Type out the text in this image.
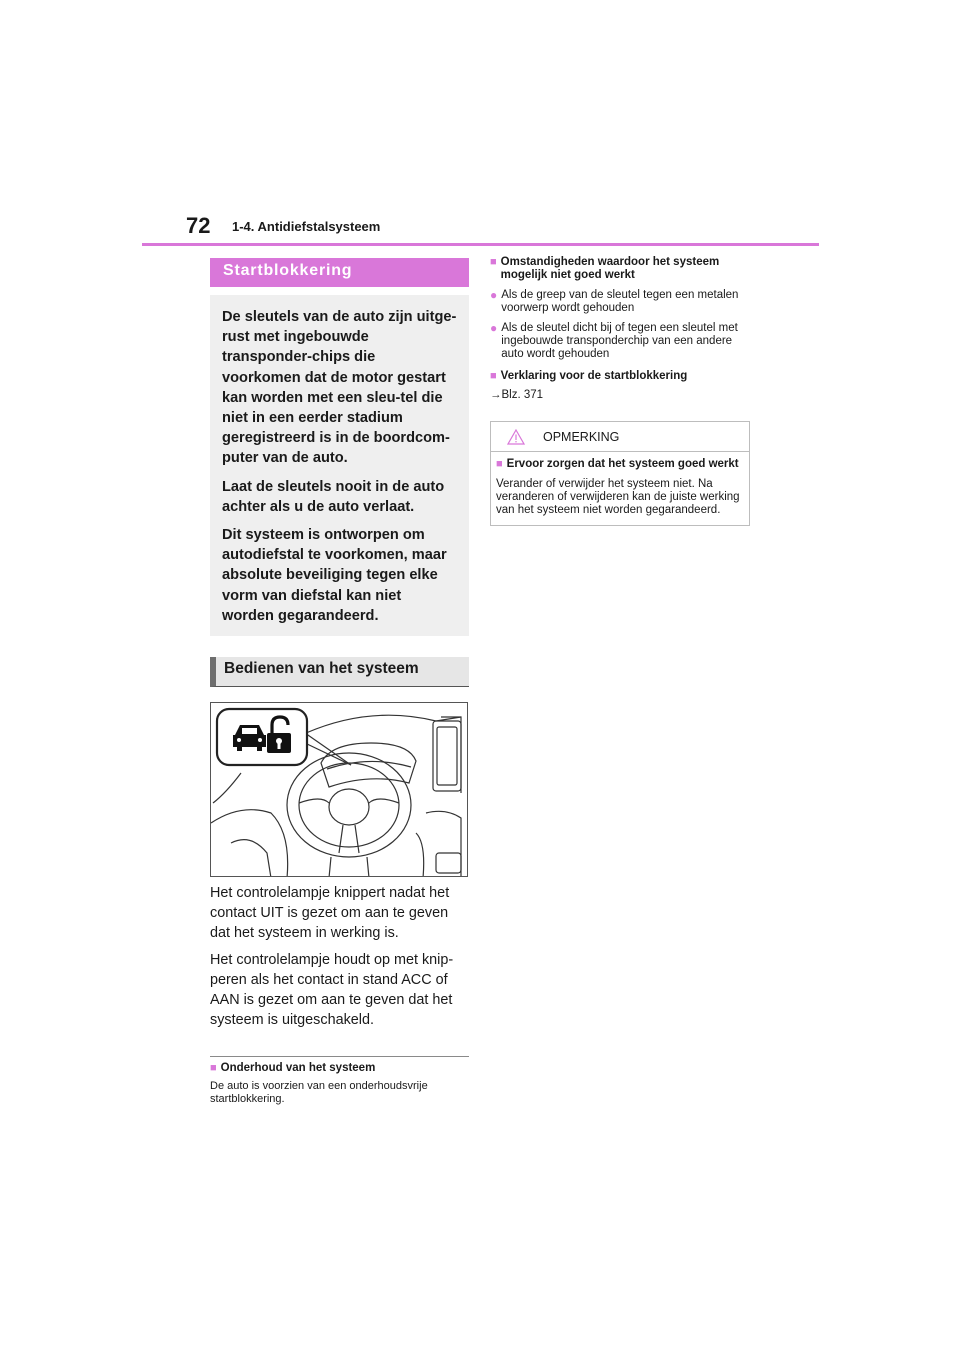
72 1-4. Antidiefstalsysteem
Startblokkering

De sleutels van de auto zijn uitge-rust met ingebouwde transponder-chips die voorkomen dat de motor gestart kan worden met een sleu-tel die niet in een eerder stadium geregistreerd is in de boordcom-puter van de auto.

Laat de sleutels nooit in de auto achter als u de auto verlaat.

Dit systeem is ontworpen om autodiefstal te voorkomen, maar absolute beveiliging tegen elke vorm van diefstal kan niet worden gegarandeerd.

Bedienen van het systeem

Het controlelampje knippert nadat het contact UIT is gezet om aan te geven dat het systeem in werking is.

Het controlelampje houdt op met knip-peren als het contact in stand ACC of AAN is gezet om aan te geven dat het systeem is uitgeschakeld.

■ Onderhoud van het systeem
De auto is voorzien van een onderhoudsvrije startblokkering.
■ Omstandigheden waardoor het systeem mogelijk niet goed werkt
● Als de greep van de sleutel tegen een metalen voorwerp wordt gehouden
● Als de sleutel dicht bij of tegen een sleutel met ingebouwde transponderchip van een andere auto wordt gehouden
■ Verklaring voor de startblokkering
→Blz. 371
OPMERKING
■ Ervoor zorgen dat het systeem goed werkt
Verander of verwijder het systeem niet. Na veranderen of verwijderen kan de juiste werking van het systeem niet worden gegarandeerd.
